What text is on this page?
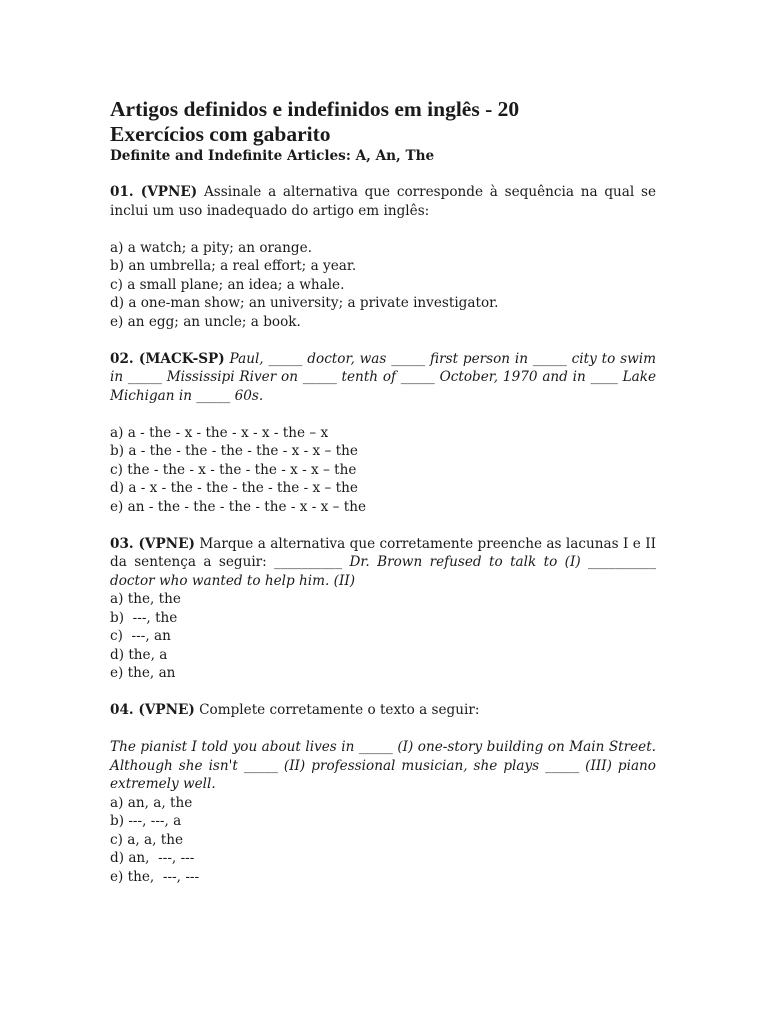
Artigos definidos e indefinidos em inglês - 20
Exercícios com gabarito

Definite and Indefinite Articles: A, An, The

01. (VPNE) Assinale a alternativa que corresponde à sequência na qual se inclui um uso inadequado do artigo em inglês:

a) a watch; a pity; an orange.
b) an umbrella; a real effort; a year.
c) a small plane; an idea; a whale.
d) a one-man show; an university; a private investigator.
e) an egg; an uncle; a book.

02. (MACK-SP) Paul, _____ doctor, was _____ first person in _____ city to swim in _____ Mississipi River on _____ tenth of _____ October, 1970 and in ____ Lake Michigan in _____ 60s.

a) a - the - x - the - x - x - the – x
b) a - the - the - the - the - x - x – the
c) the - the - x - the - the - x - x – the
d) a - x - the - the - the - the - x – the
e) an - the - the - the - the - x - x – the

03. (VPNE) Marque a alternativa que corretamente preenche as lacunas I e II da sentença a seguir: __________ Dr. Brown refused to talk to (I) __________ doctor who wanted to help him. (II)

a) the, the
b)  ---, the
c)  ---, an
d) the, a
e) the, an

04. (VPNE) Complete corretamente o texto a seguir:

The pianist I told you about lives in _____ (I) one-story building on Main Street. Although she isn't _____ (II) professional musician, she plays _____ (III) piano extremely well.

a) an, a, the
b) ---, ---, a
c) a, a, the
d) an,  ---, ---
e) the,  ---, ---
